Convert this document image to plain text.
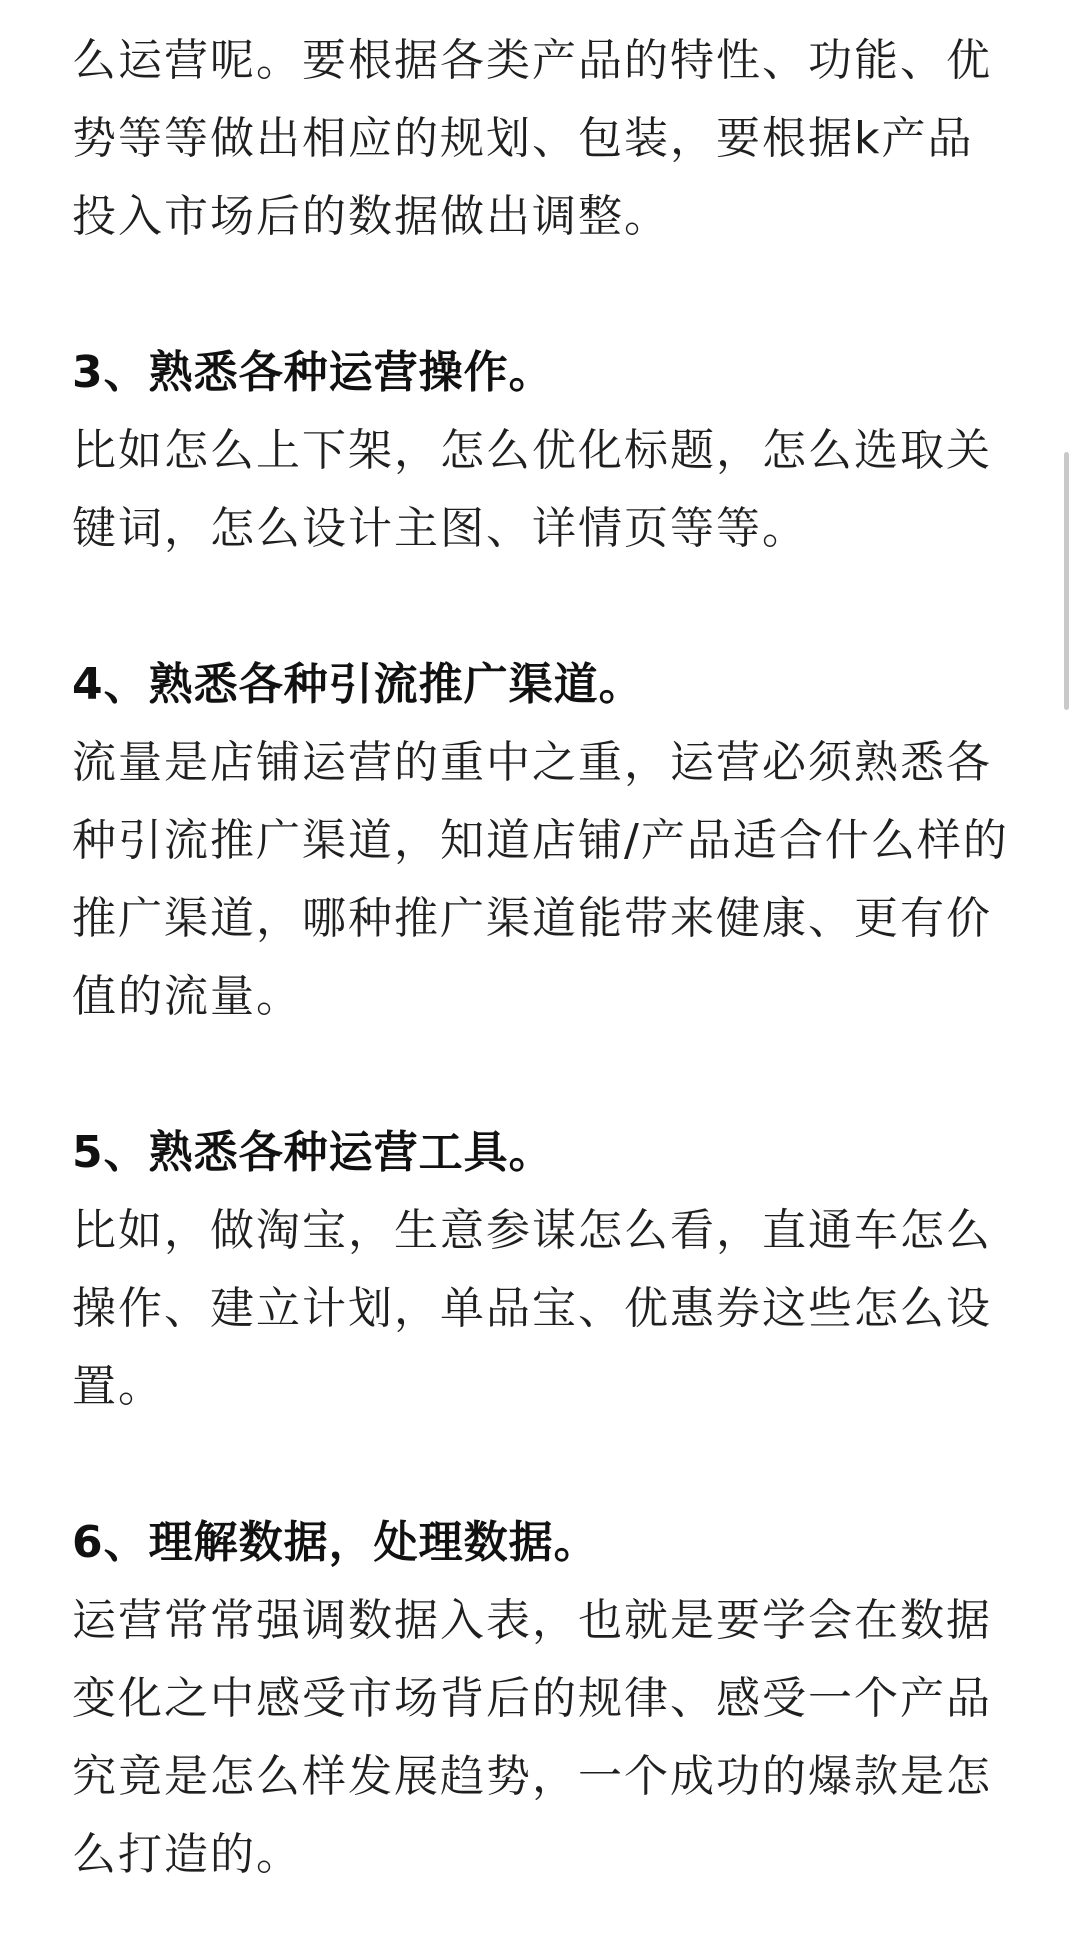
么运营呢。要根据各类产品的特性、功能、优势等等做出相应的规划、包装，要根据k产品投入市场后的数据做出调整。

3、熟悉各种运营操作。

比如怎么上下架，怎么优化标题，怎么选取关键词，怎么设计主图、详情页等等。

4、熟悉各种引流推广渠道。

流量是店铺运营的重中之重，运营必须熟悉各种引流推广渠道，知道店铺/产品适合什么样的推广渠道，哪种推广渠道能带来健康、更有价值的流量。

5、熟悉各种运营工具。

比如，做淘宝，生意参谋怎么看，直通车怎么操作、建立计划，单品宝、优惠券这些怎么设置。

6、理解数据，处理数据。

运营常常强调数据入表，也就是要学会在数据变化之中感受市场背后的规律、感受一个产品究竟是怎么样发展趋势，一个成功的爆款是怎么打造的。
